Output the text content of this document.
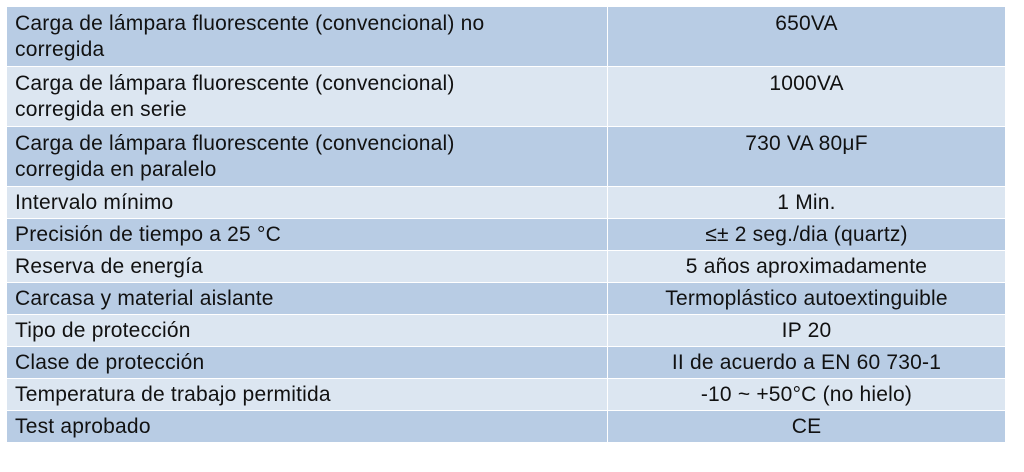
Carga de lámpara fluorescente (convencional) no
corregida	650VA
Carga de lámpara fluorescente (convencional)
corregida en serie	1000VA
Carga de lámpara fluorescente (convencional)
corregida en paralelo	730 VA 80μF
Intervalo mínimo	1 Min.
Precisión de tiempo a 25 °C	≤± 2 seg./dia (quartz)
Reserva de energía	5 años aproximadamente
Carcasa y material aislante	Termoplástico autoextinguible
Tipo de protección	IP 20
Clase de protección	II de acuerdo a EN 60 730-1
Temperatura de trabajo permitida	-10 ~ +50°C (no hielo)
Test aprobado	CE
